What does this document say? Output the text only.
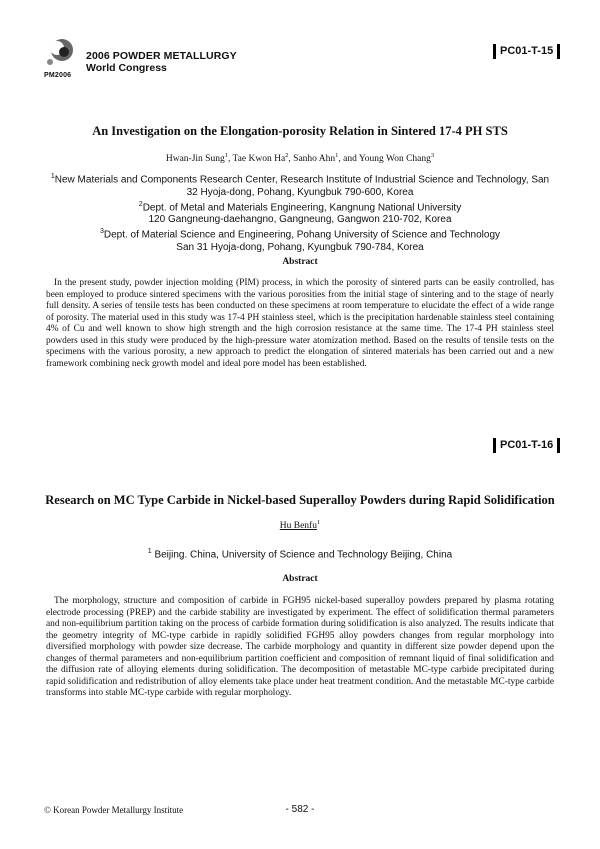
2006 POWDER METALLURGY
World Congress
PM2006
PC01-T-15
An Investigation on the Elongation-porosity Relation in Sintered 17-4 PH STS
Hwan-Jin Sung$^1$, Tae Kwon Ha$^2$, Sanho Ahn$^1$, and Young Won Chang$^3$
$^1$New Materials and Components Research Center, Research Institute of Industrial Science and Technology, San
32 Hyoja-dong, Pohang, Kyungbuk 790-600, Korea
$^2$Dept. of Metal and Materials Engineering, Kangnung National University
120 Gangneung-daehangno, Gangneung, Gangwon 210-702, Korea
$^3$Dept. of Material Science and Engineering, Pohang University of Science and Technology
San 31 Hyoja-dong, Pohang, Kyungbuk 790-784, Korea
Abstract
In the present study, powder injection molding (PIM) process, in which the porosity of sintered parts can be easily controlled, has been employed to produce sintered specimens with the various porosities from the initial stage of sintering and to the stage of nearly full density. A series of tensile tests has been conducted on these specimens at room temperature to elucidate the effect of a wide range of porosity. The material used in this study was 17-4 PH stainless steel, which is the precipitation hardenable stainless steel containing 4% of Cu and well known to show high strength and the high corrosion resistance at the same time. The 17-4 PH stainless steel powders used in this study were produced by the high-pressure water atomization method. Based on the results of tensile tests on the specimens with the various porosity, a new approach to predict the elongation of sintered materials has been carried out and a new framework combining neck growth model and ideal pore model has been established.
PC01-T-16
Research on MC Type Carbide in Nickel-based Superalloy Powders during Rapid Solidification
Hu Benfu$^1$
$^1$ Beijing. China, University of Science and Technology Beijing, China
Abstract
The morphology, structure and composition of carbide in FGH95 nickel-based superalloy powders prepared by plasma rotating electrode processing (PREP) and the carbide stability are investigated by experiment. The effect of solidification thermal parameters and non-equilibrium partition taking on the process of carbide formation during solidification is also analyzed. The results indicate that the geometry integrity of MC-type carbide in rapidly solidified FGH95 alloy powders changes from regular morphology into diversified morphology with powder size decrease. The carbide morphology and quantity in different size powder depend upon the changes of thermal parameters and non-equilibrium partition coefficient and composition of remnant liquid of final solidification and the diffusion rate of alloying elements during solidification. The decomposition of metastable MC-type carbide precipitated during rapid solidification and redistribution of alloy elements take place under heat treatment condition. And the metastable MC-type carbide transforms into stable MC-type carbide with regular morphology.
© Korean Powder Metallurgy Institute	- 582 -
